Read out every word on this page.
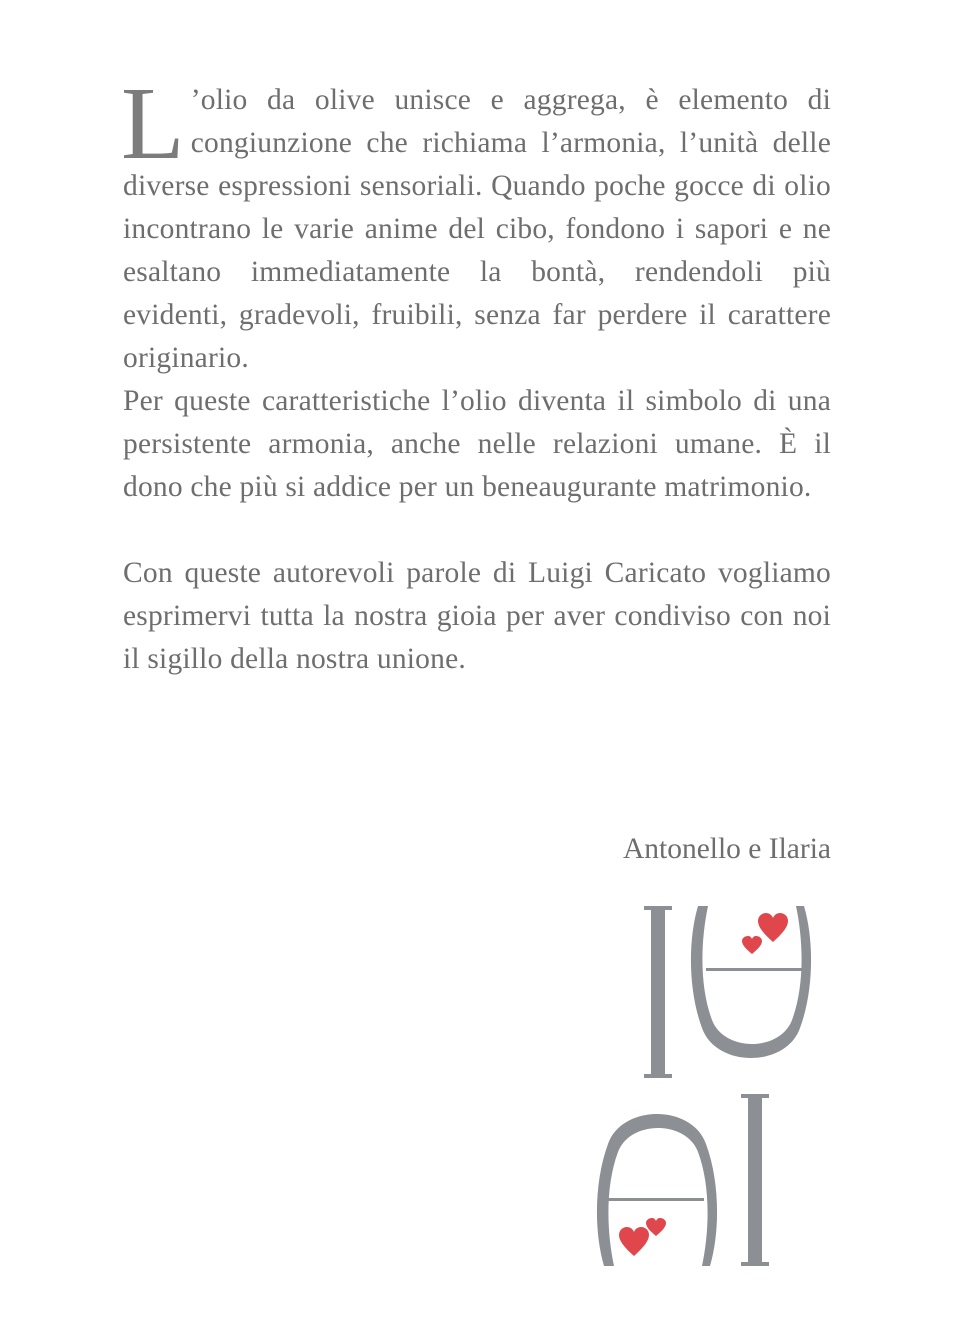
L ’olio da olive unisce e aggrega, è elemento di congiunzione che richiama l’armonia, l’unità delle diverse espressioni sensoriali. Quando poche gocce di olio incontrano le varie anime del cibo, fondono i sapori e ne esaltano immediatamente la bontà, rendendoli più evidenti, gradevoli, fruibili, senza far perdere il carattere originario.

Per queste caratteristiche l’olio diventa il simbolo di una persistente armonia, anche nelle relazioni umane. È il dono che più si addice per un beneaugurante matrimonio.

Con queste autorevoli parole di Luigi Caricato vogliamo esprimervi tutta la nostra gioia per aver condiviso con noi il sigillo della nostra unione.

Antonello e Ilaria
